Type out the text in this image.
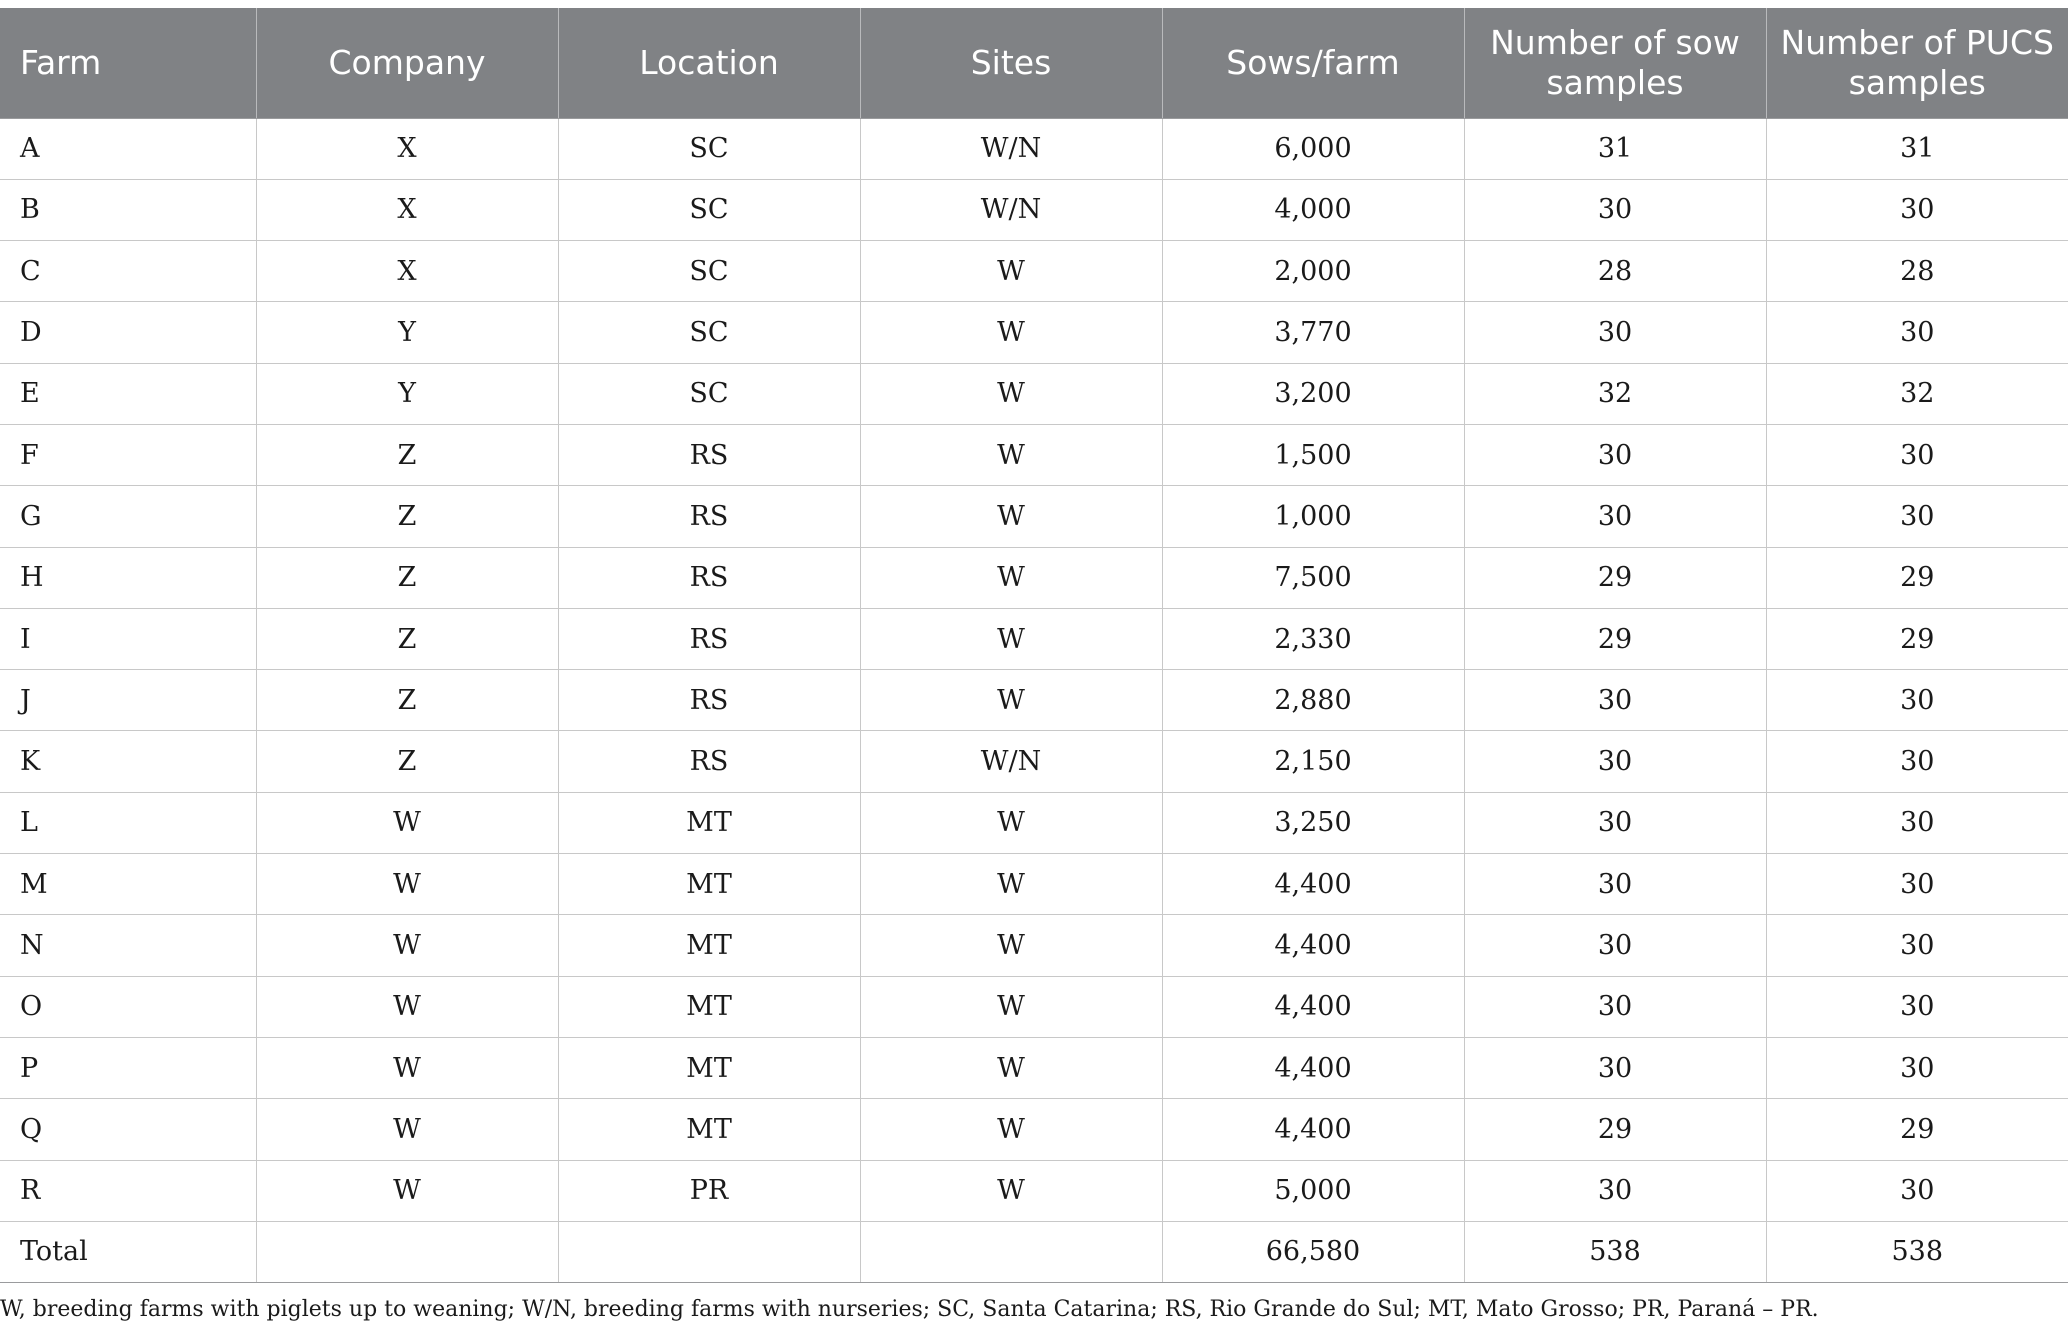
Farm	Company	Location	Sites	Sows/farm	Number of sow samples	Number of PUCS samples
A	X	SC	W/N	6,000	31	31
B	X	SC	W/N	4,000	30	30
C	X	SC	W	2,000	28	28
D	Y	SC	W	3,770	30	30
E	Y	SC	W	3,200	32	32
F	Z	RS	W	1,500	30	30
G	Z	RS	W	1,000	30	30
H	Z	RS	W	7,500	29	29
I	Z	RS	W	2,330	29	29
J	Z	RS	W	2,880	30	30
K	Z	RS	W/N	2,150	30	30
L	W	MT	W	3,250	30	30
M	W	MT	W	4,400	30	30
N	W	MT	W	4,400	30	30
O	W	MT	W	4,400	30	30
P	W	MT	W	4,400	30	30
Q	W	MT	W	4,400	29	29
R	W	PR	W	5,000	30	30
Total				66,580	538	538
W, breeding farms with piglets up to weaning; W/N, breeding farms with nurseries; SC, Santa Catarina; RS, Rio Grande do Sul; MT, Mato Grosso; PR, Paraná – PR.
